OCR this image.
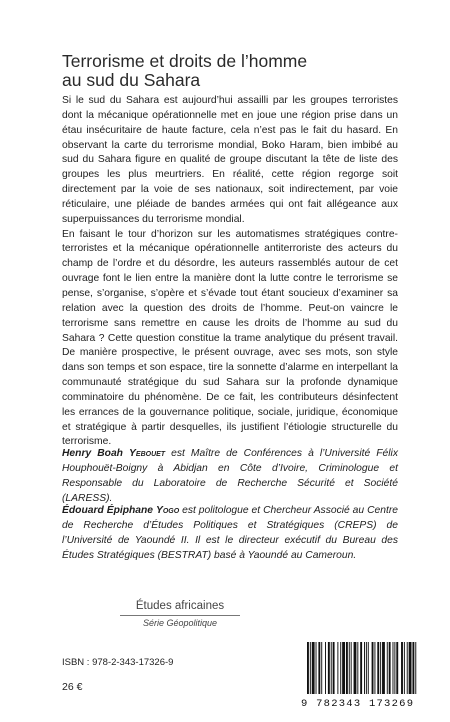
Terrorisme et droits de l’homme
au sud du Sahara

Si le sud du Sahara est aujourd’hui assailli par les groupes terroristes dont la mécanique opérationnelle met en joue une région prise dans un étau insécuritaire de haute facture, cela n’est pas le fait du hasard. En observant la carte du terrorisme mondial, Boko Haram, bien imbibé au sud du Sahara figure en qualité de groupe discutant la tête de liste des groupes les plus meurtriers. En réalité, cette région regorge soit directement par la voie de ses nationaux, soit indirectement, par voie réticulaire, une pléiade de bandes armées qui ont fait allégeance aux superpuissances du terrorisme mondial.

En faisant le tour d’horizon sur les automatismes stratégiques contre-terroristes et la mécanique opérationnelle antiterroriste des acteurs du champ de l’ordre et du désordre, les auteurs rassemblés autour de cet ouvrage font le lien entre la manière dont la lutte contre le terrorisme se pense, s’organise, s’opère et s’évade tout étant soucieux d’examiner sa relation avec la question des droits de l’homme. Peut-on vaincre le terrorisme sans remettre en cause les droits de l’homme au sud du Sahara ? Cette question constitue la trame analytique du présent travail. De manière prospective, le présent ouvrage, avec ses mots, son style dans son temps et son espace, tire la sonnette d’alarme en interpellant la communauté stratégique du sud Sahara sur la profonde dynamique comminatoire du phénomène. De ce fait, les contributeurs désinfectent les errances de la gouvernance politique, sociale, juridique, économique et stratégique à partir desquelles, ils justifient l’étiologie structurelle du terrorisme.

Henry Boah Yebouet est Maître de Conférences à l’Université Félix Houphouët-Boigny à Abidjan en Côte d’Ivoire, Criminologue et Responsable du Laboratoire de Recherche Sécurité et Société (LARESS).
Édouard Épiphane Yogo est politologue et Chercheur Associé au Centre de Recherche d’Études Politiques et Stratégiques (CREPS) de l’Université de Yaoundé II. Il est le directeur exécutif du Bureau des Études Stratégiques (BESTRAT) basé à Yaoundé au Cameroun.
Études africaines
Série Géopolitique
ISBN : 978-2-343-17326-9
26 €
9 782343 173269
